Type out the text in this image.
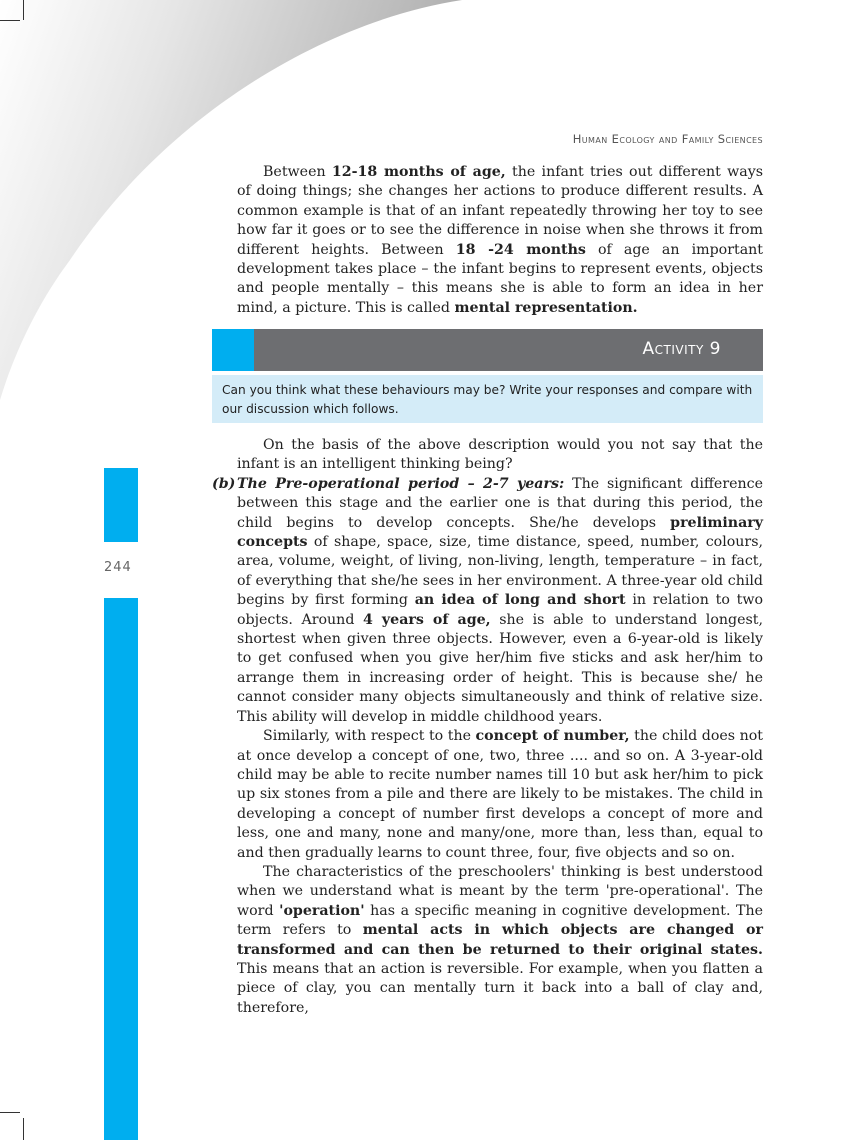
Human Ecology and Family Sciences

Between 12-18 months of age, the infant tries out different ways of doing things; she changes her actions to produce different results. A common example is that of an infant repeatedly throwing her toy to see how far it goes or to see the difference in noise when she throws it from different heights. Between 18 -24 months of age an important development takes place – the infant begins to represent events, objects and people mentally – this means she is able to form an idea in her mind, a picture. This is called mental representation.

Activity 9
Can you think what these behaviours may be? Write your responses and compare with our discussion which follows.
244

On the basis of the above description would you not say that the infant is an intelligent thinking being?

(b) The Pre-operational period – 2-7 years: The significant difference between this stage and the earlier one is that during this period, the child begins to develop concepts. She/he develops preliminary concepts of shape, space, size, time distance, speed, number, colours, area, volume, weight, of living, non-living, length, temperature – in fact, of everything that she/he sees in her environment. A three-year old child begins by first forming an idea of long and short in relation to two objects. Around 4 years of age, she is able to understand longest, shortest when given three objects. However, even a 6-year-old is likely to get confused when you give her/him five sticks and ask her/him to arrange them in increasing order of height. This is because she/ he cannot consider many objects simultaneously and think of relative size. This ability will develop in middle childhood years.

Similarly, with respect to the concept of number, the child does not at once develop a concept of one, two, three .... and so on. A 3-year-old child may be able to recite number names till 10 but ask her/him to pick up six stones from a pile and there are likely to be mistakes. The child in developing a concept of number first develops a concept of more and less, one and many, none and many/one, more than, less than, equal to and then gradually learns to count three, four, five objects and so on.

The characteristics of the preschoolers' thinking is best understood when we understand what is meant by the term 'pre-operational'. The word 'operation' has a specific meaning in cognitive development. The term refers to mental acts in which objects are changed or transformed and can then be returned to their original states. This means that an action is reversible. For example, when you flatten a piece of clay, you can mentally turn it back into a ball of clay and, therefore,
